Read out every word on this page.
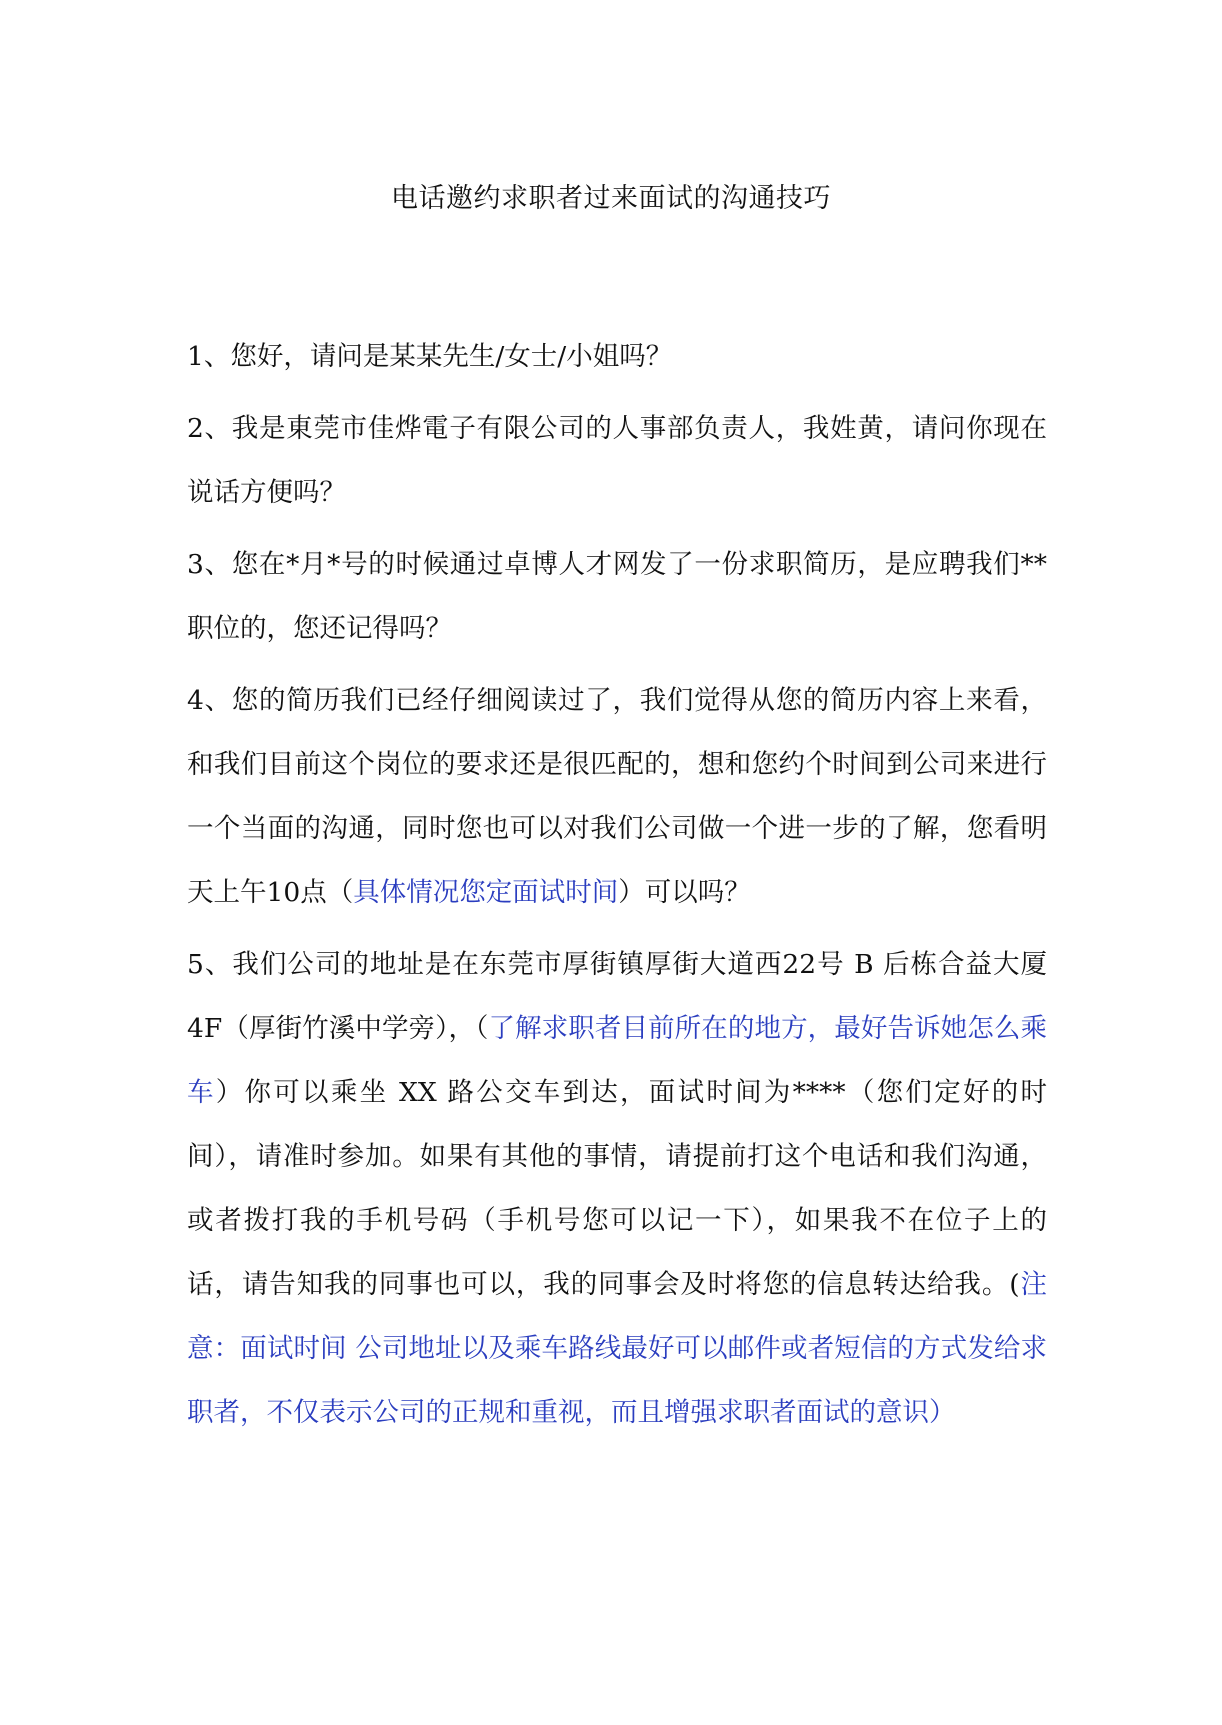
电话邀约求职者过来面试的沟通技巧

1、您好，请问是某某先生/女士/小姐吗？

2、我是東莞市佳烨電子有限公司的人事部负责人，我姓黄，请问你现在说话方便吗？

3、您在*月*号的时候通过卓博人才网发了一份求职简历，是应聘我们**职位的，您还记得吗？

4、您的简历我们已经仔细阅读过了，我们觉得从您的简历内容上来看，和我们目前这个岗位的要求还是很匹配的，想和您约个时间到公司来进行一个当面的沟通，同时您也可以对我们公司做一个进一步的了解，您看明天上午10点（具体情况您定面试时间）可以吗？

5、我们公司的地址是在东莞市厚街镇厚街大道西22号 B 后栋合益大厦4F（厚街竹溪中学旁），（了解求职者目前所在的地方，最好告诉她怎么乘车）你可以乘坐 XX 路公交车到达，面试时间为****（您们定好的时间），请准时参加。如果有其他的事情，请提前打这个电话和我们沟通，或者拨打我的手机号码（手机号您可以记一下），如果我不在位子上的话，请告知我的同事也可以，我的同事会及时将您的信息转达给我。(注意：面试时间 公司地址以及乘车路线最好可以邮件或者短信的方式发给求职者，不仅表示公司的正规和重视，而且增强求职者面试的意识）
